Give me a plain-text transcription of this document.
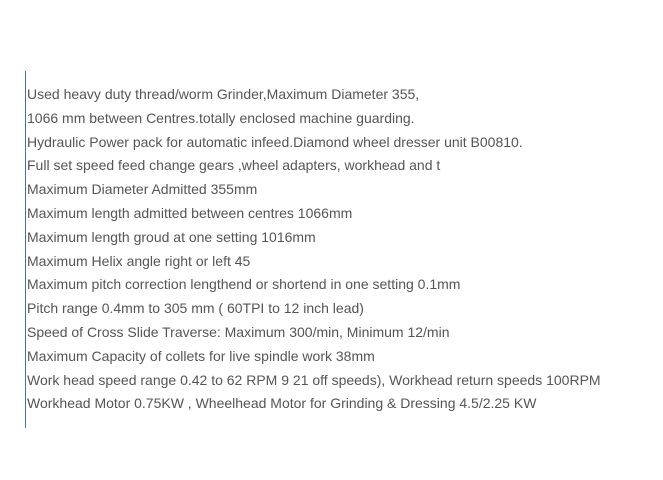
Used heavy duty thread/worm Grinder,Maximum Diameter 355,
1066 mm between Centres.totally enclosed machine guarding.
Hydraulic Power pack for automatic infeed.Diamond wheel dresser unit B00810.
Full set speed feed change gears ,wheel adapters, workhead and t
Maximum Diameter Admitted 355mm
Maximum length admitted between centres 1066mm
Maximum length groud at one setting 1016mm
Maximum Helix angle right or left 45
Maximum pitch correction lengthend or shortend in one setting 0.1mm
Pitch range 0.4mm to 305 mm ( 60TPI to 12 inch lead)
Speed of Cross Slide Traverse: Maximum 300/min, Minimum 12/min
Maximum Capacity of collets for live spindle work 38mm
Work head speed range 0.42 to 62 RPM 9 21 off speeds), Workhead return speeds 100RPM
Workhead Motor 0.75KW , Wheelhead Motor for Grinding & Dressing 4.5/2.25 KW
